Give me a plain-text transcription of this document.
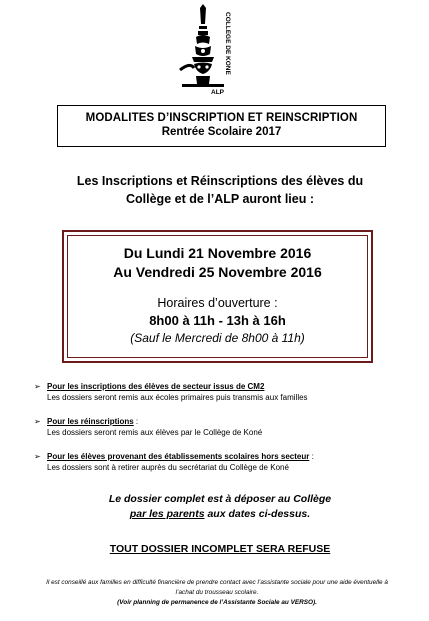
COLLEGE DE KONE
ALP
MODALITES D’INSCRIPTION ET REINSCRIPTION
Rentrée Scolaire 2017
Les Inscriptions et Réinscriptions des élèves du
Collège et de l’ALP auront lieu :
Du Lundi 21 Novembre 2016
Au Vendredi 25 Novembre 2016
Horaires d’ouverture :
8h00 à 11h - 13h à 16h
(Sauf le Mercredi de 8h00 à 11h)
➢ Pour les inscriptions des élèves de secteur issus de CM2
Les dossiers seront remis aux écoles primaires puis transmis aux familles
➢ Pour les réinscriptions :
Les dossiers seront remis aux élèves par le Collège de Koné
➢ Pour les élèves provenant des établissements scolaires hors secteur :
Les dossiers sont à retirer auprès du secrétariat du Collège de Koné
Le dossier complet est à déposer au Collège
par les parents aux dates ci-dessus.
TOUT DOSSIER INCOMPLET SERA REFUSE
Il est conseillé aux familles en difficulté financière de prendre contact avec l’assistante sociale pour une aide éventuelle à
l’achat du trousseau scolaire.
(Voir planning de permanence de l’Assistante Sociale au VERSO).
